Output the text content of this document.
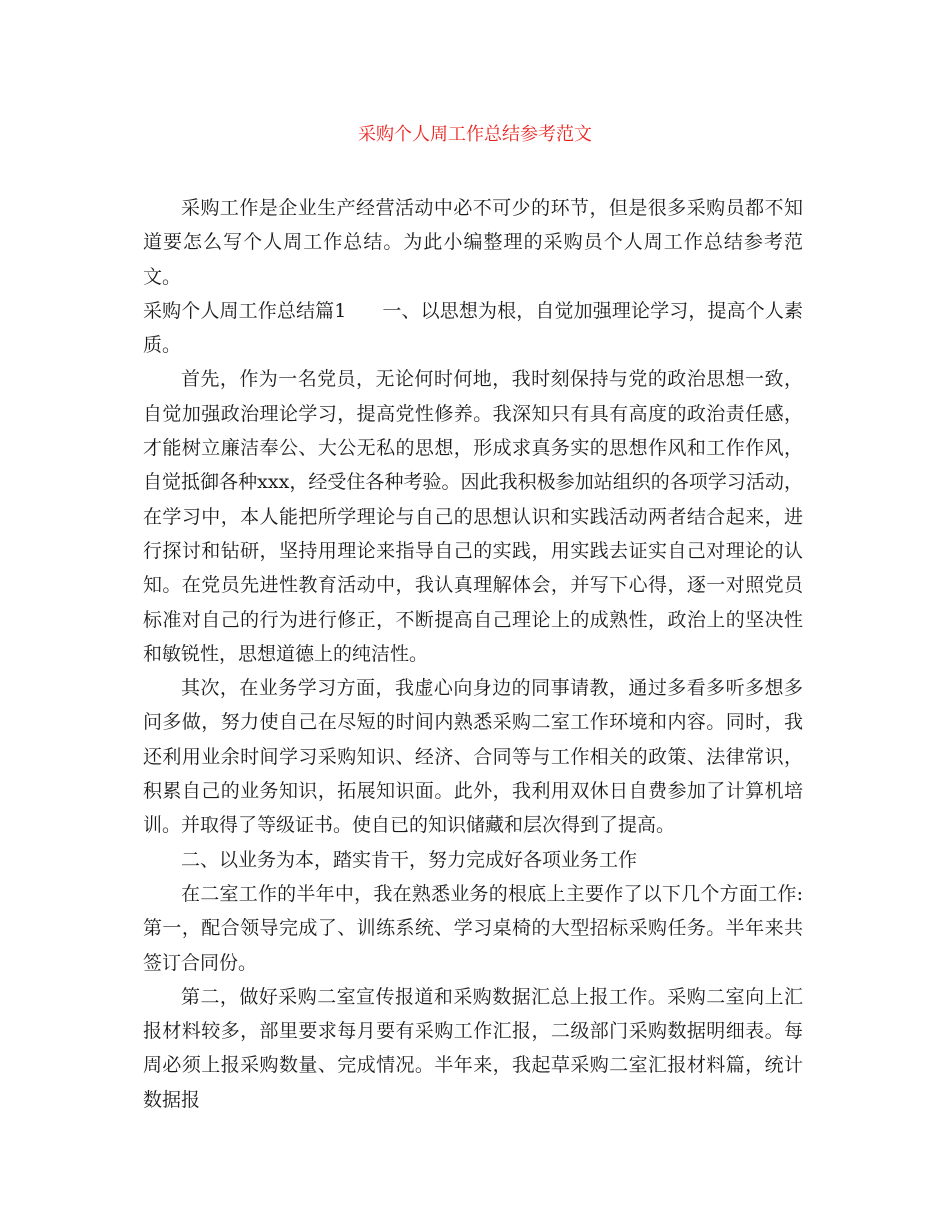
采购个人周工作总结参考范文

采购工作是企业生产经营活动中必不可少的环节，但是很多采购员都不知道要怎么写个人周工作总结。为此小编整理的采购员个人周工作总结参考范文。

采购个人周工作总结篇1 一、以思想为根，自觉加强理论学习，提高个人素质。

首先，作为一名党员，无论何时何地，我时刻保持与党的政治思想一致，自觉加强政治理论学习，提高党性修养。我深知只有具有高度的政治责任感，才能树立廉洁奉公、大公无私的思想，形成求真务实的思想作风和工作作风，自觉抵御各种xxx，经受住各种考验。因此我积极参加站组织的各项学习活动，在学习中，本人能把所学理论与自己的思想认识和实践活动两者结合起来，进行探讨和钻研，坚持用理论来指导自己的实践，用实践去证实自己对理论的认知。在党员先进性教育活动中，我认真理解体会，并写下心得，逐一对照党员标准对自己的行为进行修正，不断提高自己理论上的成熟性，政治上的坚决性和敏锐性，思想道德上的纯洁性。

其次，在业务学习方面，我虚心向身边的同事请教，通过多看多听多想多问多做，努力使自己在尽短的时间内熟悉采购二室工作环境和内容。同时，我还利用业余时间学习采购知识、经济、合同等与工作相关的政策、法律常识，积累自己的业务知识，拓展知识面。此外，我利用双休日自费参加了计算机培训。并取得了等级证书。使自已的知识储藏和层次得到了提高。

二、以业务为本，踏实肯干，努力完成好各项业务工作

在二室工作的半年中，我在熟悉业务的根底上主要作了以下几个方面工作:第一，配合领导完成了、训练系统、学习桌椅的大型招标采购任务。半年来共签订合同份。

第二，做好采购二室宣传报道和采购数据汇总上报工作。采购二室向上汇报材料较多，部里要求每月要有采购工作汇报，二级部门采购数据明细表。每周必须上报采购数量、完成情况。半年来，我起草采购二室汇报材料篇，统计数据报
